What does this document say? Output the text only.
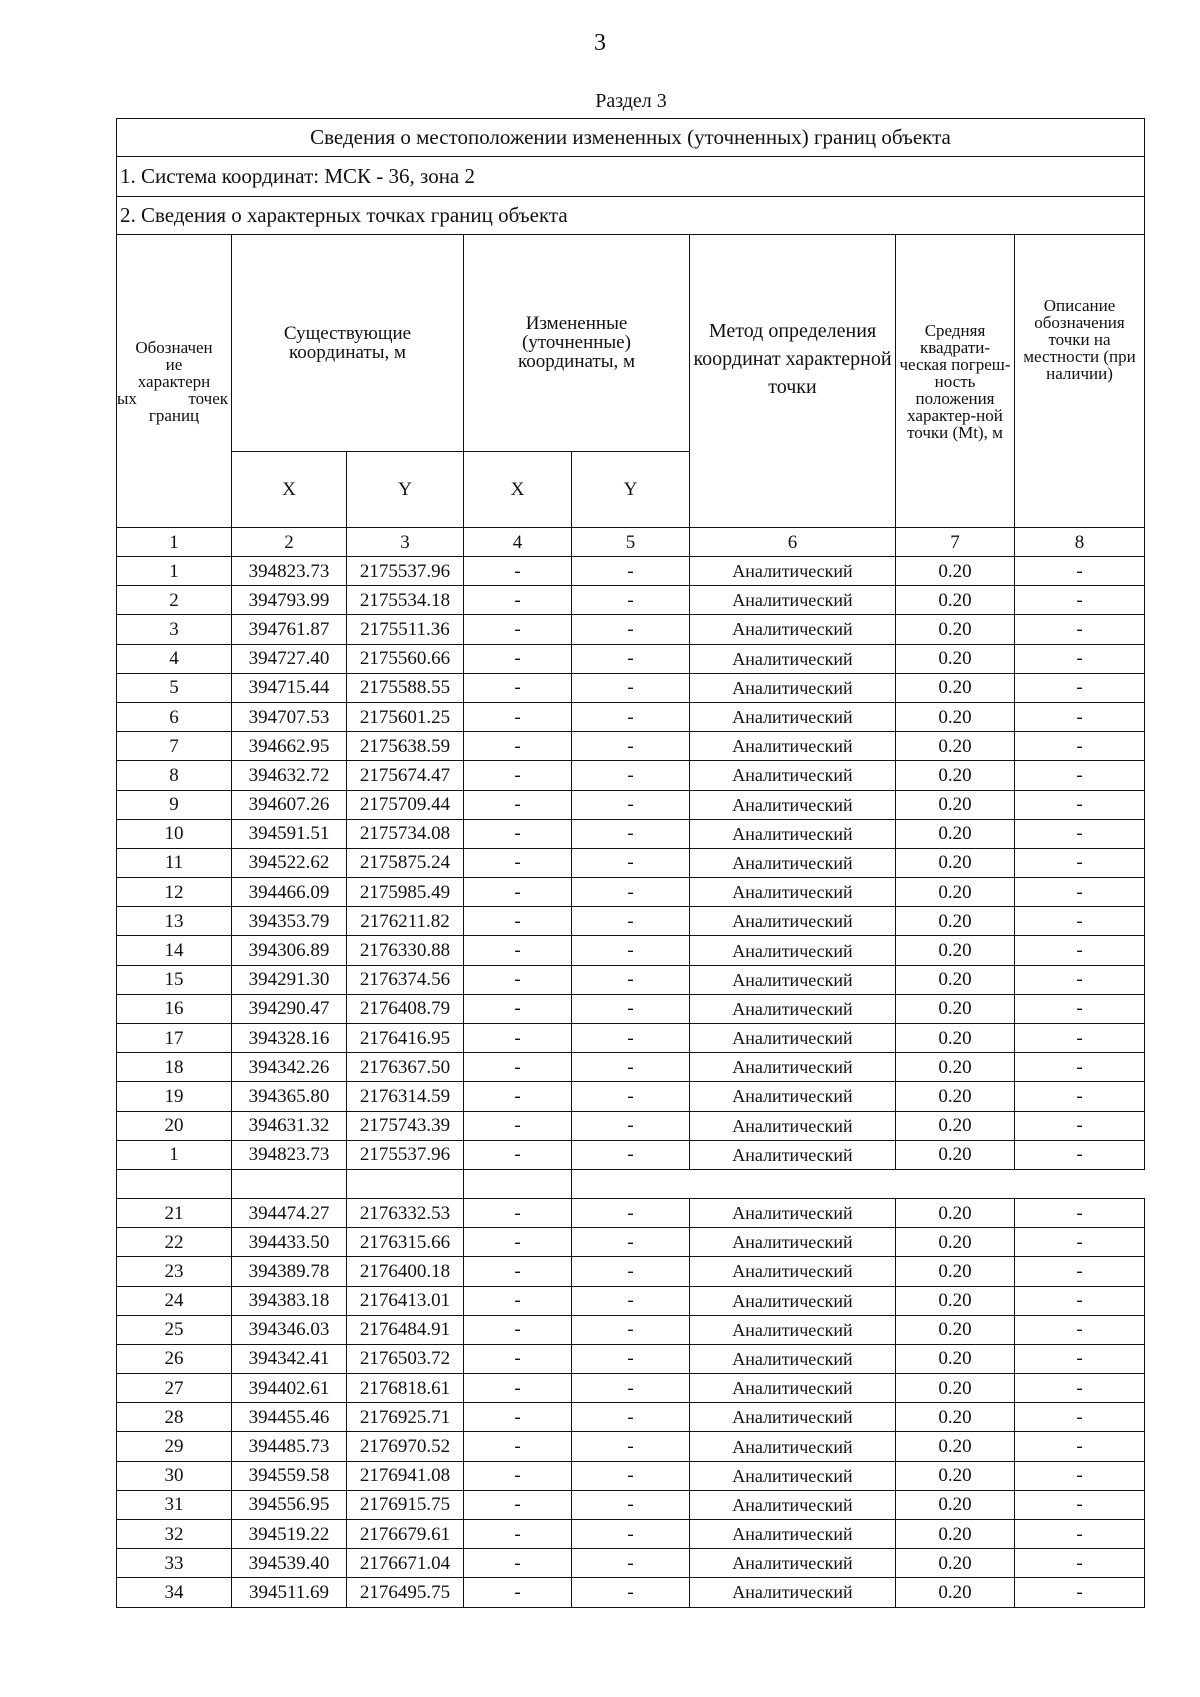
3
Раздел 3
Сведения о местоположении измененных (уточненных) границ объекта							
1. Система координат: МСК - 36, зона 2							
2. Сведения о характерных точках границ объекта							

Обозначен
ие
характерн
ых точек
границ	Существующие координаты, м		Измененные (уточненные) координаты, м		Метод определения координат характерной точки	Средняя квадрати-ческая погреш-ность положения характер-ной точки (Mt), м	Описание обозначения точки на местности (при наличии)
	X	Y	X	Y			
1	2	3	4	5	6	7	8
1	394823.73	2175537.96	-	-	Аналитический	0.20	-
2	394793.99	2175534.18	-	-	Аналитический	0.20	-
3	394761.87	2175511.36	-	-	Аналитический	0.20	-
4	394727.40	2175560.66	-	-	Аналитический	0.20	-
5	394715.44	2175588.55	-	-	Аналитический	0.20	-
6	394707.53	2175601.25	-	-	Аналитический	0.20	-
7	394662.95	2175638.59	-	-	Аналитический	0.20	-
8	394632.72	2175674.47	-	-	Аналитический	0.20	-
9	394607.26	2175709.44	-	-	Аналитический	0.20	-
10	394591.51	2175734.08	-	-	Аналитический	0.20	-
11	394522.62	2175875.24	-	-	Аналитический	0.20	-
12	394466.09	2175985.49	-	-	Аналитический	0.20	-
13	394353.79	2176211.82	-	-	Аналитический	0.20	-
14	394306.89	2176330.88	-	-	Аналитический	0.20	-
15	394291.30	2176374.56	-	-	Аналитический	0.20	-
16	394290.47	2176408.79	-	-	Аналитический	0.20	-
17	394328.16	2176416.95	-	-	Аналитический	0.20	-
18	394342.26	2176367.50	-	-	Аналитический	0.20	-
19	394365.80	2176314.59	-	-	Аналитический	0.20	-
20	394631.32	2175743.39	-	-	Аналитический	0.20	-
1	394823.73	2175537.96	-	-	Аналитический	0.20	-

21	394474.27	2176332.53	-	-	Аналитический	0.20	-
22	394433.50	2176315.66	-	-	Аналитический	0.20	-
23	394389.78	2176400.18	-	-	Аналитический	0.20	-
24	394383.18	2176413.01	-	-	Аналитический	0.20	-
25	394346.03	2176484.91	-	-	Аналитический	0.20	-
26	394342.41	2176503.72	-	-	Аналитический	0.20	-
27	394402.61	2176818.61	-	-	Аналитический	0.20	-
28	394455.46	2176925.71	-	-	Аналитический	0.20	-
29	394485.73	2176970.52	-	-	Аналитический	0.20	-
30	394559.58	2176941.08	-	-	Аналитический	0.20	-
31	394556.95	2176915.75	-	-	Аналитический	0.20	-
32	394519.22	2176679.61	-	-	Аналитический	0.20	-
33	394539.40	2176671.04	-	-	Аналитический	0.20	-
34	394511.69	2176495.75	-	-	Аналитический	0.20	-
